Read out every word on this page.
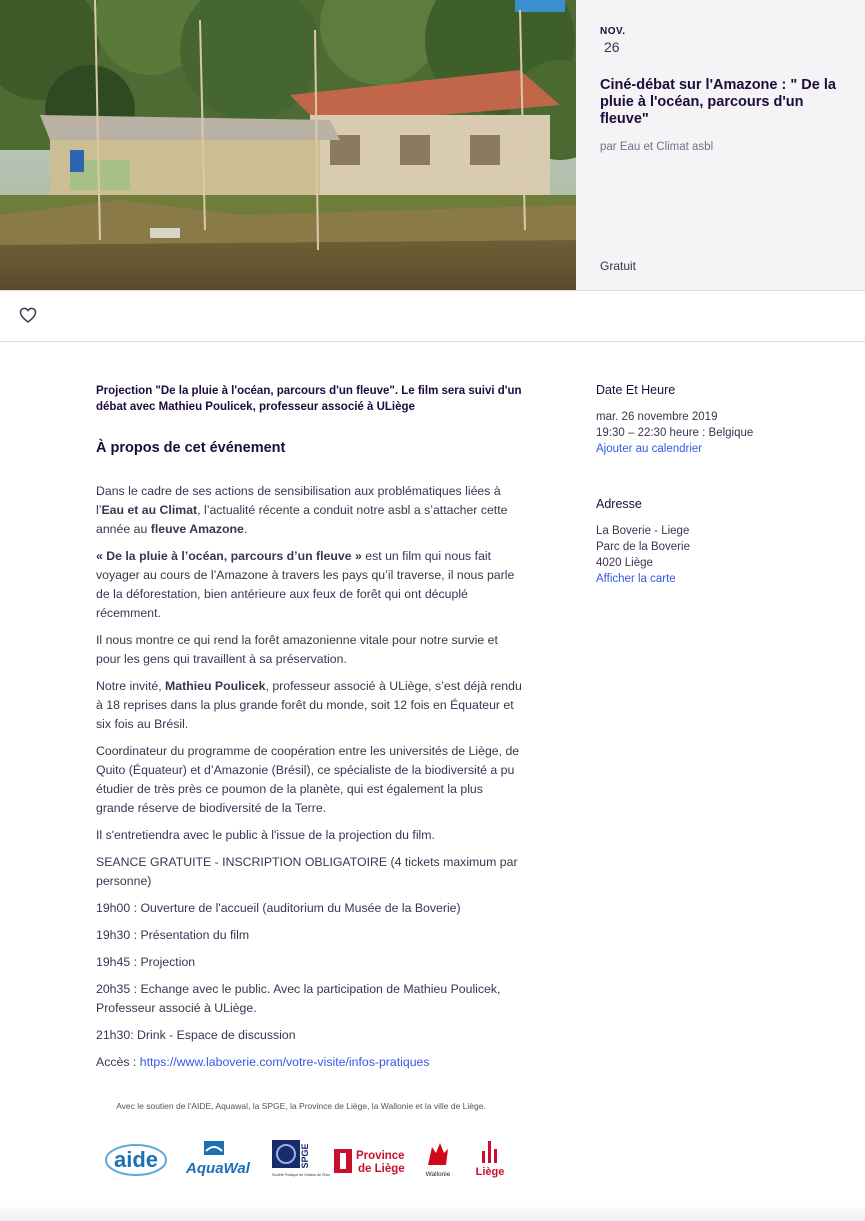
NOV.
26
Ciné-débat sur l'Amazone : " De la pluie à l'océan, parcours d'un fleuve"
par Eau et Climat asbl
Gratuit

Projection "De la pluie à l'océan, parcours d'un fleuve". Le film sera suivi d'un débat avec Mathieu Poulicek, professeur associé à ULiège

À propos de cet événement

Dans le cadre de ses actions de sensibilisation aux problématiques liées à l’Eau et au Climat, l’actualité récente a conduit notre asbl a s’attacher cette année au fleuve Amazone.

« De la pluie à l’océan, parcours d’un fleuve » est un film qui nous fait voyager au cours de l’Amazone à travers les pays qu’il traverse, il nous parle de la déforestation, bien antérieure aux feux de forêt qui ont décuplé récemment.

Il nous montre ce qui rend la forêt amazonienne vitale pour notre survie et pour les gens qui travaillent à sa préservation.

Notre invité, Mathieu Poulicek, professeur associé à ULiège, s’est déjà rendu à 18 reprises dans la plus grande forêt du monde, soit 12 fois en Équateur et six fois au Brésil.

Coordinateur du programme de coopération entre les universités de Liège, de Quito (Équateur) et d’Amazonie (Brésil), ce spécialiste de la biodiversité a pu étudier de très près ce poumon de la planète, qui est également la plus grande réserve de biodiversité de la Terre.

Il s'entretiendra avec le public à l'issue de la projection du film.

SEANCE GRATUITE - INSCRIPTION OBLIGATOIRE (4 tickets maximum par personne)

19h00 : Ouverture de l'accueil (auditorium du Musée de la Boverie)

19h30 : Présentation du film

19h45 : Projection

20h35 : Echange avec le public. Avec la participation de Mathieu Poulicek, Professeur associé à ULiège.

21h30: Drink - Espace de discussion

Accès : https://www.laboverie.com/votre-visite/infos-pratiques

Date Et Heure
mar. 26 novembre 2019
19:30 – 22:30 heure : Belgique
Ajouter au calendrier
Adresse
La Boverie - Liege
Parc de la Boverie
4020 Liège
Afficher la carte

Avec le soutien de l'AIDE, Aquawal, la SPGE, la Province de Liège, la Wallonie et la ville de Liège.

aide AquaWal	SPGE
Société Publique de Gestion de l'Eau
Province
de Liège	Wallonie Liège
